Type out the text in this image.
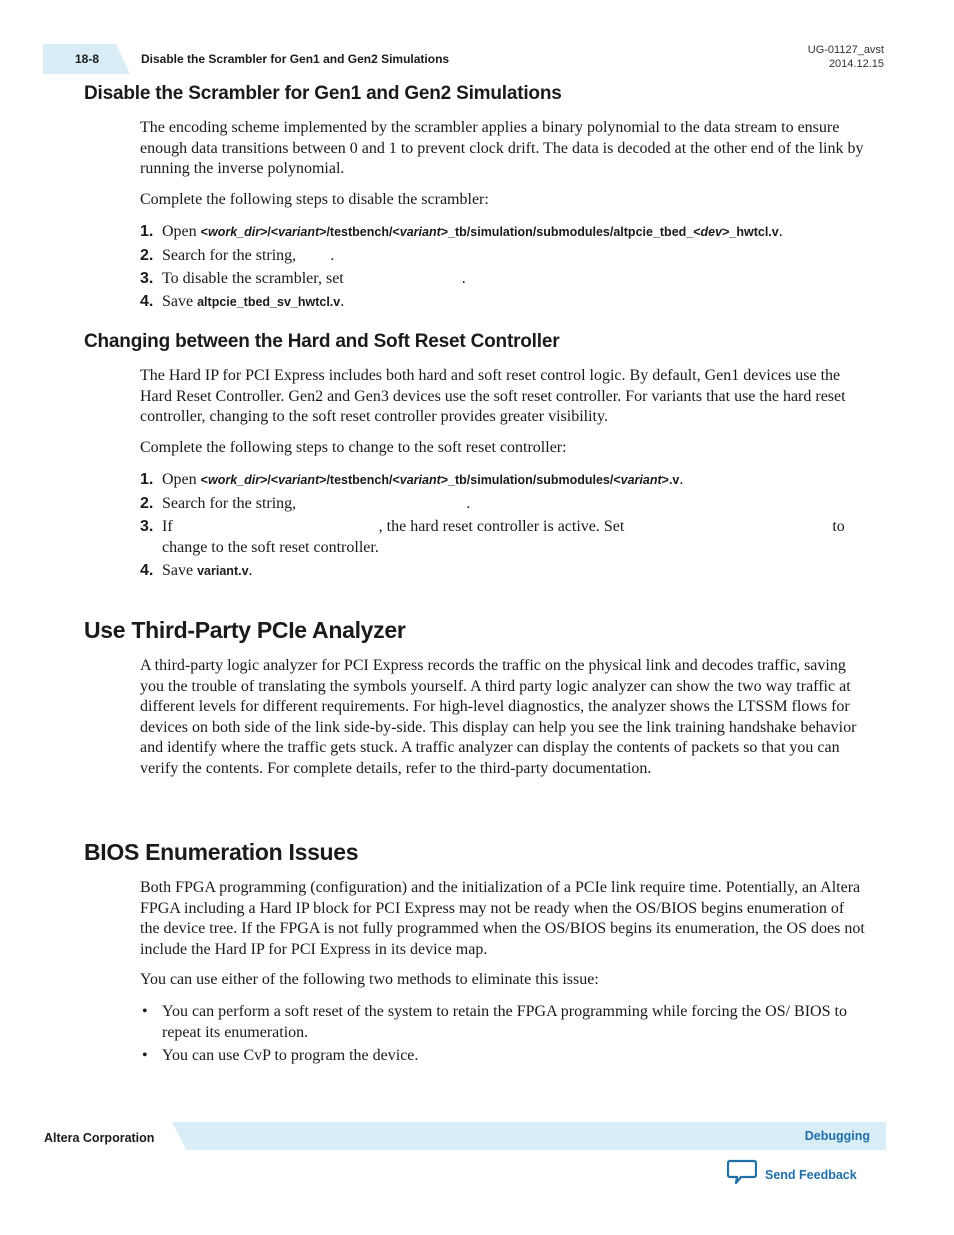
18-8	Disable the Scrambler for Gen1 and Gen2 Simulations
UG-01127_avst
2014.12.15
Disable the Scrambler for Gen1 and Gen2 Simulations

The encoding scheme implemented by the scrambler applies a binary polynomial to the data stream to ensure enough data transitions between 0 and 1 to prevent clock drift. The data is decoded at the other end of the link by running the inverse polynomial.

Complete the following steps to disable the scrambler:

1. Open <work_dir>/<variant>/testbench/<variant>_tb/simulation/submodules/altpcie_tbed_<dev>_hwtcl.v.
2. Search for the string, .
3. To disable the scrambler, set	.
4. Save altpcie_tbed_sv_hwtcl.v.
Changing between the Hard and Soft Reset Controller

The Hard IP for PCI Express includes both hard and soft reset control logic. By default, Gen1 devices use the Hard Reset Controller. Gen2 and Gen3 devices use the soft reset controller. For variants that use the hard reset controller, changing to the soft reset controller provides greater visibility.

Complete the following steps to change to the soft reset controller:

1. Open <work_dir>/<variant>/testbench/<variant>_tb/simulation/submodules/<variant>.v.
2. Search for the string,	.
3. If	, the hard reset controller is active. Set	to change to the soft reset controller.
4. Save variant.v.
Use Third-Party PCIe Analyzer

A third-party logic analyzer for PCI Express records the traffic on the physical link and decodes traffic, saving you the trouble of translating the symbols yourself. A third party logic analyzer can show the two way traffic at different levels for different requirements. For high-level diagnostics, the analyzer shows the LTSSM flows for devices on both side of the link side-by-side. This display can help you see the link training handshake behavior and identify where the traffic gets stuck. A traffic analyzer can display the contents of packets so that you can verify the contents. For complete details, refer to the third-party documentation.

BIOS Enumeration Issues

Both FPGA programming (configuration) and the initialization of a PCIe link require time. Potentially, an Altera FPGA including a Hard IP block for PCI Express may not be ready when the OS/BIOS begins enumeration of the device tree. If the FPGA is not fully programmed when the OS/BIOS begins its enumeration, the OS does not include the Hard IP for PCI Express in its device map.

You can use either of the following two methods to eliminate this issue:

• You can perform a soft reset of the system to retain the FPGA programming while forcing the OS/ BIOS to repeat its enumeration.
• You can use CvP to program the device.
Altera Corporation	Debugging
Send Feedback
